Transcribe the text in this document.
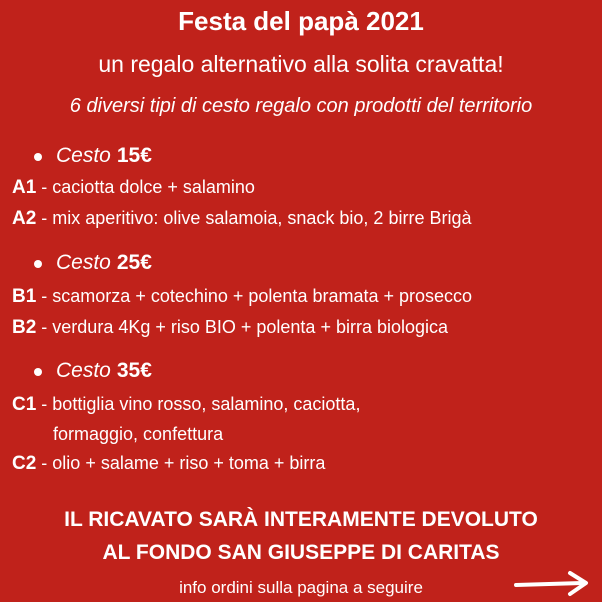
Festa del papà 2021
un regalo alternativo alla solita cravatta!
6 diversi tipi di cesto regalo con prodotti del territorio
Cesto 15€
A1 - caciotta dolce + salamino
A2 - mix aperitivo: olive salamoia, snack bio, 2 birre Brigà
Cesto 25€
B1 - scamorza + cotechino + polenta bramata + prosecco
B2 - verdura 4Kg + riso BIO + polenta + birra biologica
Cesto 35€
C1 - bottiglia vino rosso, salamino, caciotta,
formaggio, confettura
C2 - olio + salame + riso + toma + birra
IL RICAVATO SARÀ INTERAMENTE DEVOLUTO
AL FONDO SAN GIUSEPPE DI CARITAS
info ordini sulla pagina a seguire
